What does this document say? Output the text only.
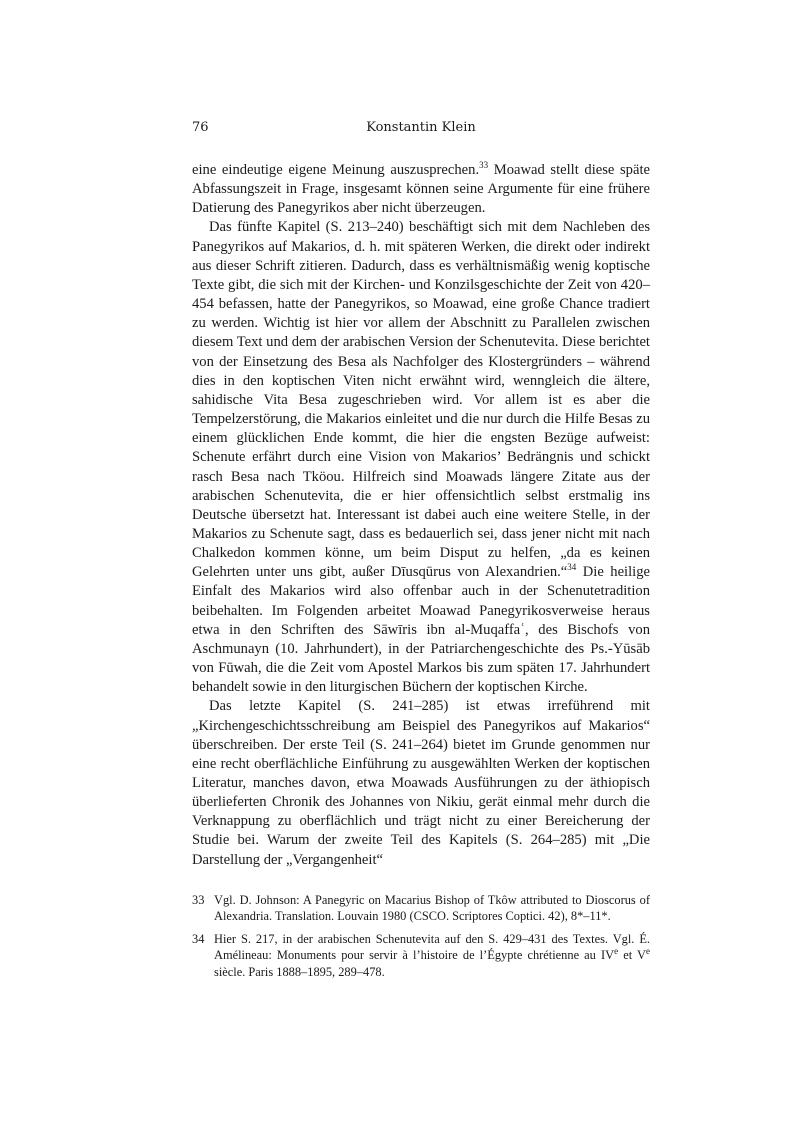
76	Konstantin Klein

eine eindeutige eigene Meinung auszusprechen.$^{33}$ Moawad stellt diese späte Abfassungszeit in Frage, insgesamt können seine Argumente für eine frühere Datierung des Panegyrikos aber nicht überzeugen.

Das fünfte Kapitel (S. 213–240) beschäftigt sich mit dem Nachleben des Panegyrikos auf Makarios, d. h. mit späteren Werken, die direkt oder indirekt aus dieser Schrift zitieren. Dadurch, dass es verhältnismäßig wenig koptische Texte gibt, die sich mit der Kirchen- und Konzilsgeschichte der Zeit von 420–454 befassen, hatte der Panegyrikos, so Moawad, eine große Chance tradiert zu werden. Wichtig ist hier vor allem der Abschnitt zu Parallelen zwischen diesem Text und dem der arabischen Version der Schenutevita. Diese berichtet von der Einsetzung des Besa als Nachfolger des Klostergründers – während dies in den koptischen Viten nicht erwähnt wird, wenngleich die ältere, sahidische Vita Besa zugeschrieben wird. Vor allem ist es aber die Tempelzerstörung, die Makarios einleitet und die nur durch die Hilfe Besas zu einem glücklichen Ende kommt, die hier die engsten Bezüge aufweist: Schenute erfährt durch eine Vision von Makarios’ Bedrängnis und schickt rasch Besa nach Tköou. Hilfreich sind Moawads längere Zitate aus der arabischen Schenutevita, die er hier offensichtlich selbst erstmalig ins Deutsche übersetzt hat. Interessant ist dabei auch eine weitere Stelle, in der Makarios zu Schenute sagt, dass es bedauerlich sei, dass jener nicht mit nach Chalkedon kommen könne, um beim Disput zu helfen, „da es keinen Gelehrten unter uns gibt, außer Dīusqūrus von Alexandrien.“$^{34}$ Die heilige Einfalt des Makarios wird also offenbar auch in der Schenutetradition beibehalten. Im Folgenden arbeitet Moawad Panegyrikosverweise heraus etwa in den Schriften des Sāwīris ibn al-Muqaffaʿ, des Bischofs von Aschmunayn (10. Jahrhundert), in der Patriarchengeschichte des Ps.-Yūsāb von Fūwah, die die Zeit vom Apostel Markos bis zum späten 17. Jahrhundert behandelt sowie in den liturgischen Büchern der koptischen Kirche.

Das letzte Kapitel (S. 241–285) ist etwas irreführend mit „Kirchengeschichtsschreibung am Beispiel des Panegyrikos auf Makarios“ überschreiben. Der erste Teil (S. 241–264) bietet im Grunde genommen nur eine recht oberflächliche Einführung zu ausgewählten Werken der koptischen Literatur, manches davon, etwa Moawads Ausführungen zu der äthiopisch überlieferten Chronik des Johannes von Nikiu, gerät einmal mehr durch die Verknappung zu oberflächlich und trägt nicht zu einer Bereicherung der Studie bei. Warum der zweite Teil des Kapitels (S. 264–285) mit „Die Darstellung der „Vergangenheit“

33 Vgl. D. Johnson: A Panegyric on Macarius Bishop of Tkôw attributed to Dioscorus of Alexandria. Translation. Louvain 1980 (CSCO. Scriptores Coptici. 42), 8*–11*.
34 Hier S. 217, in der arabischen Schenutevita auf den S. 429–431 des Textes. Vgl. É. Amélineau: Monuments pour servir à l’histoire de l’Égypte chrétienne au IVe et Ve siècle. Paris 1888–1895, 289–478.
